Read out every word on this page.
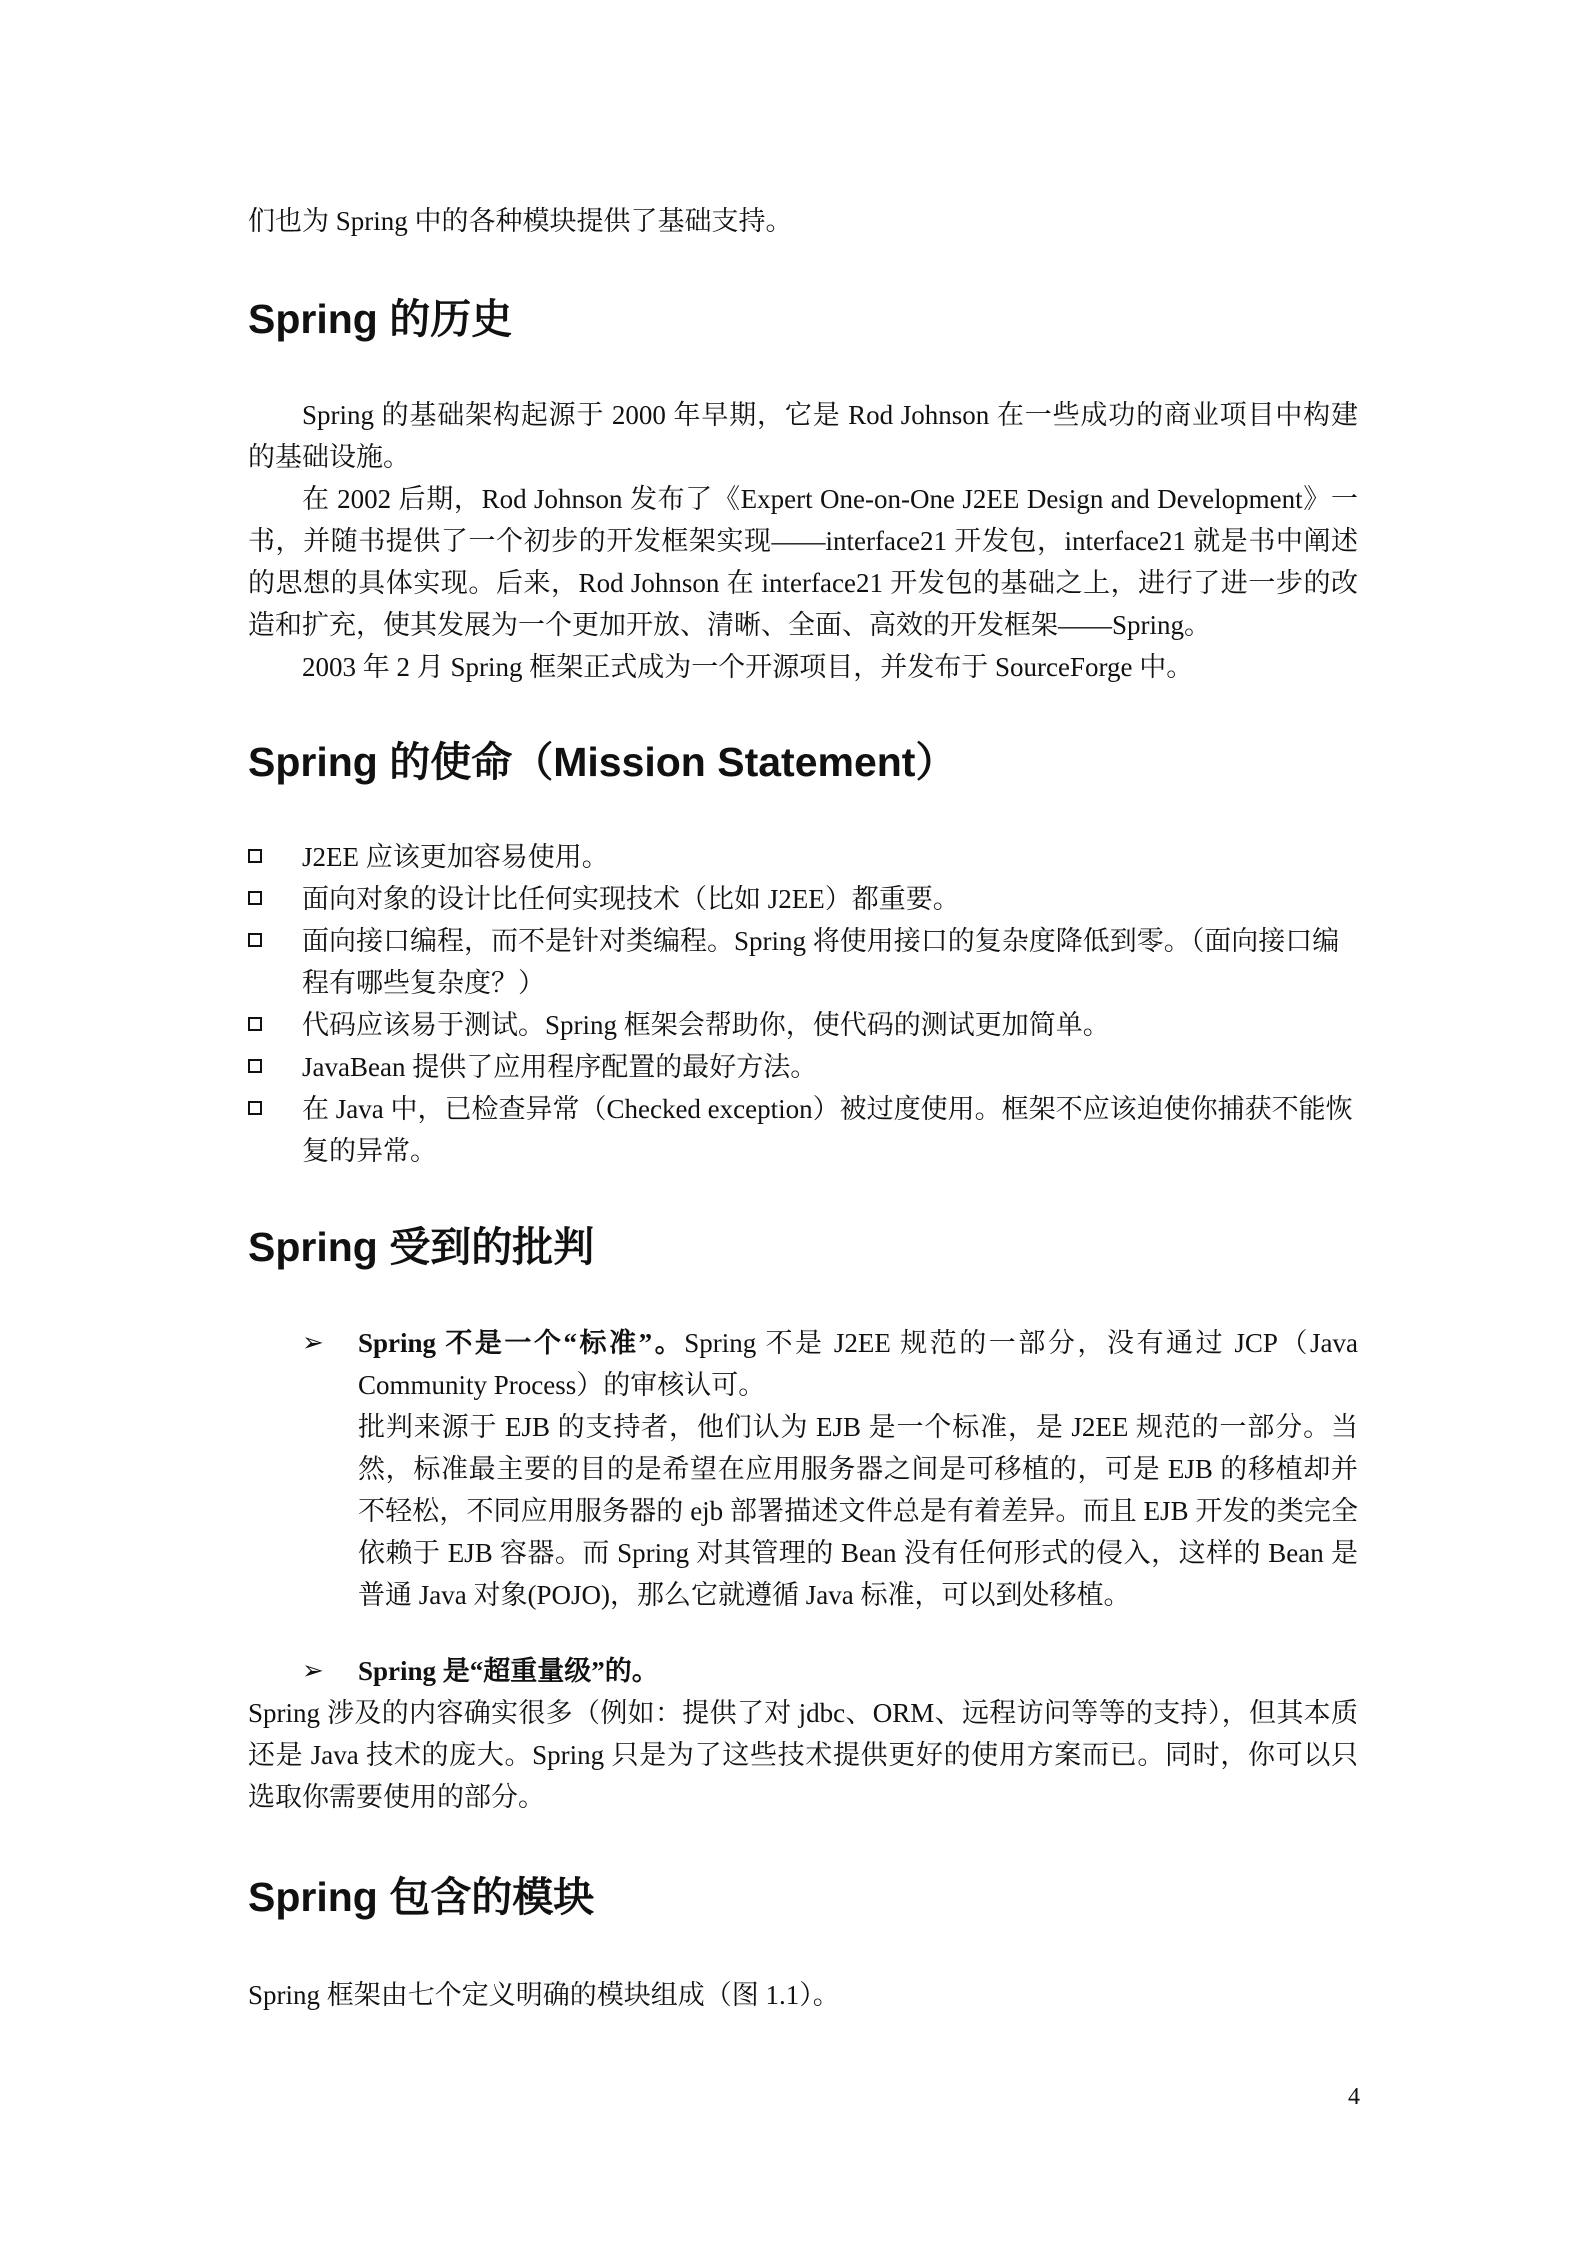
们也为 Spring 中的各种模块提供了基础支持。
Spring 的历史

Spring 的基础架构起源于 2000 年早期，它是 Rod Johnson 在一些成功的商业项目中构建的基础设施。

在 2002 后期，Rod Johnson 发布了《Expert One-on-One J2EE Design and Development》一书，并随书提供了一个初步的开发框架实现——interface21 开发包，interface21 就是书中阐述的思想的具体实现。后来，Rod Johnson 在 interface21 开发包的基础之上，进行了进一步的改造和扩充，使其发展为一个更加开放、清晰、全面、高效的开发框架——Spring。

2003 年 2 月 Spring 框架正式成为一个开源项目，并发布于 SourceForge 中。

Spring 的使命（Mission Statement）
J2EE 应该更加容易使用。
面向对象的设计比任何实现技术（比如 J2EE）都重要。
面向接口编程，而不是针对类编程。Spring 将使用接口的复杂度降低到零。（面向接口编程有哪些复杂度？）
代码应该易于测试。Spring 框架会帮助你，使代码的测试更加简单。
JavaBean 提供了应用程序配置的最好方法。
在 Java 中，已检查异常（Checked exception）被过度使用。框架不应该迫使你捕获不能恢复的异常。
Spring 受到的批判
➢ Spring 不是一个“标准”。Spring 不是 J2EE 规范的一部分，没有通过 JCP（Java Community Process）的审核认可。

批判来源于 EJB 的支持者，他们认为 EJB 是一个标准，是 J2EE 规范的一部分。当然，标准最主要的目的是希望在应用服务器之间是可移植的，可是 EJB 的移植却并不轻松，不同应用服务器的 ejb 部署描述文件总是有着差异。而且 EJB 开发的类完全依赖于 EJB 容器。而 Spring 对其管理的 Bean 没有任何形式的侵入，这样的 Bean 是普通 Java 对象(POJO)，那么它就遵循 Java 标准，可以到处移植。

➢ Spring 是“超重量级”的。

Spring 涉及的内容确实很多（例如：提供了对 jdbc、ORM、远程访问等等的支持），但其本质还是 Java 技术的庞大。Spring 只是为了这些技术提供更好的使用方案而已。同时，你可以只选取你需要使用的部分。

Spring 包含的模块
Spring 框架由七个定义明确的模块组成（图 1.1）。
4
